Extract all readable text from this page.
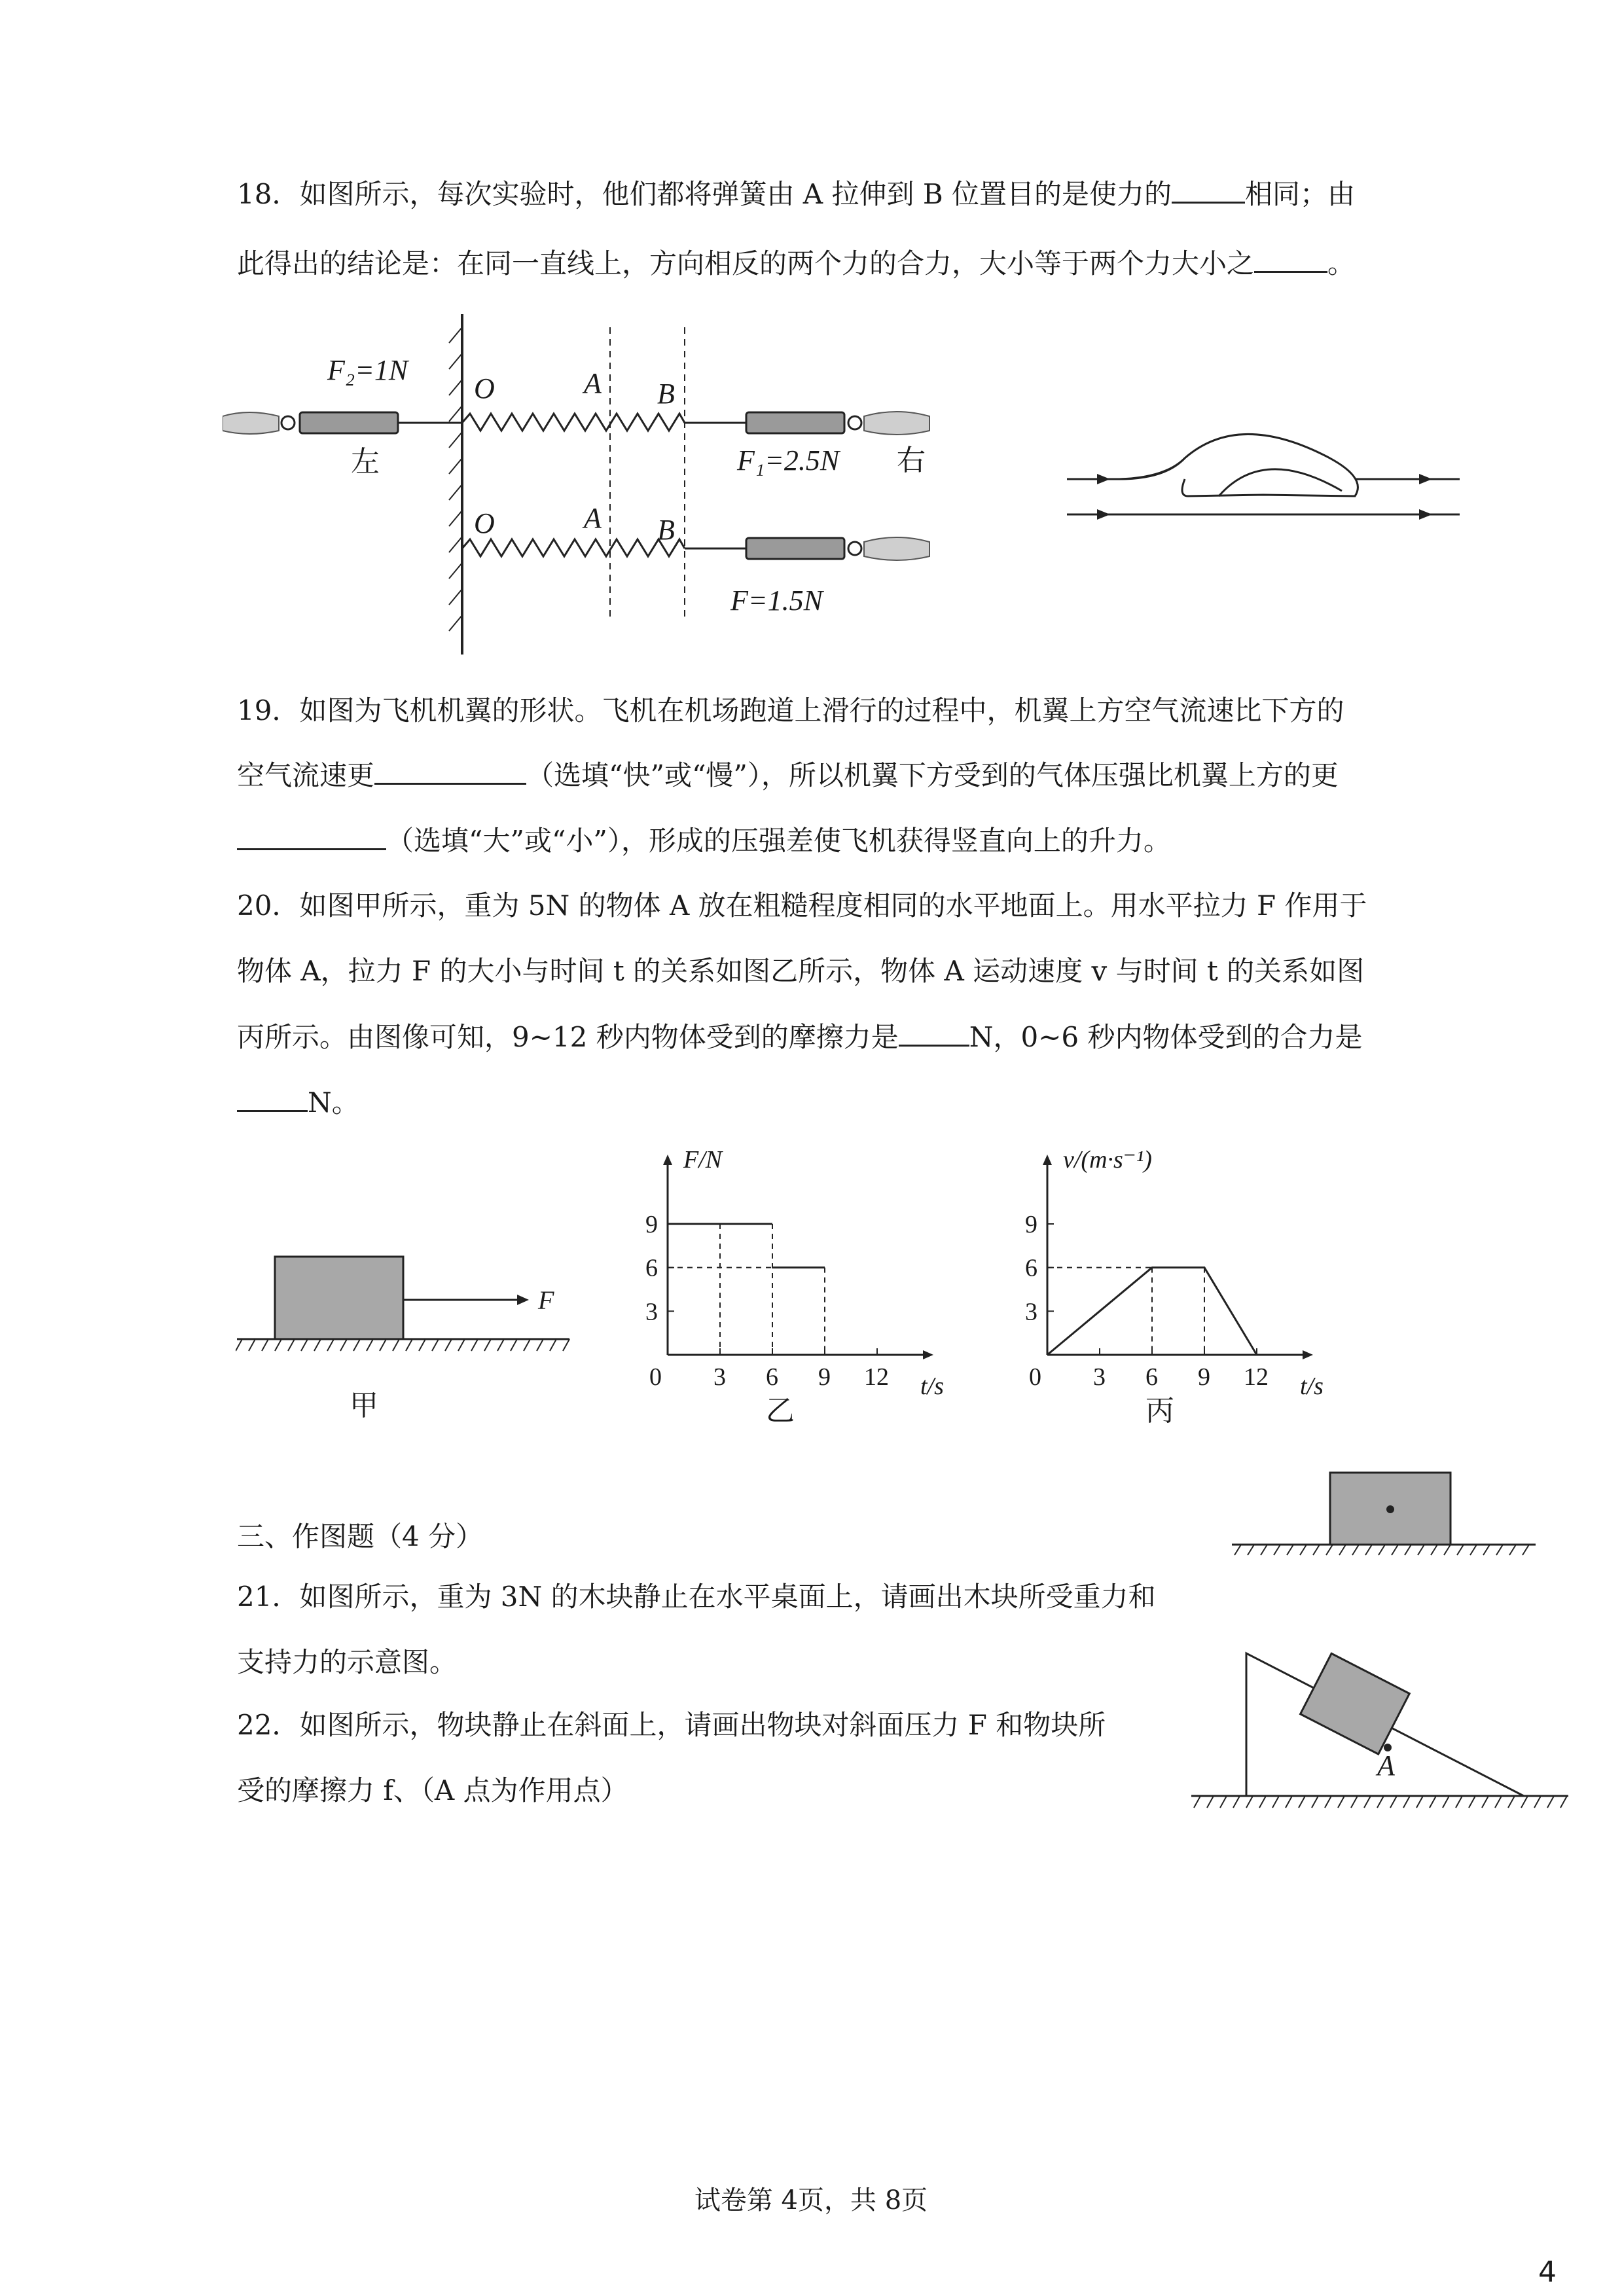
18．如图所示，每次实验时，他们都将弹簧由 A 拉伸到 B 位置目的是使力的	相同；由
此得出的结论是：在同一直线上，方向相反的两个力的合力，大小等于两个力大小之	。
F₂=1N
左
O	A B
F₁=2.5N 右
O	A B
F=1.5N
19．如图为飞机机翼的形状。飞机在机场跑道上滑行的过程中，机翼上方空气流速比下方的
空气流速更	（选填“快”或“慢”），所以机翼下方受到的气体压强比机翼上方的更
（选填“大”或“小”），形成的压强差使飞机获得竖直向上的升力。
20．如图甲所示，重为 5N 的物体 A 放在粗糙程度相同的水平地面上。用水平拉力 F 作用于
物体 A，拉力 F 的大小与时间 t 的关系如图乙所示，物体 A 运动速度 v 与时间 t 的关系如图
丙所示。由图像可知，9~12 秒内物体受到的摩擦力是	N，0~6 秒内物体受到的合力是
N。
F
甲
F/N
t/s
0 3 6 9 12
3
6
9
乙
v/(m·s⁻¹)
t/s
0 3 6 9 12
3
6
9
丙
三、作图题（4 分）
21．如图所示，重为 3N 的木块静止在水平桌面上，请画出木块所受重力和
支持力的示意图。
A
22．如图所示，物块静止在斜面上，请画出物块对斜面压力 F 和物块所
受的摩擦力 f、（A 点为作用点）
试卷第 4页，共 8页
4
